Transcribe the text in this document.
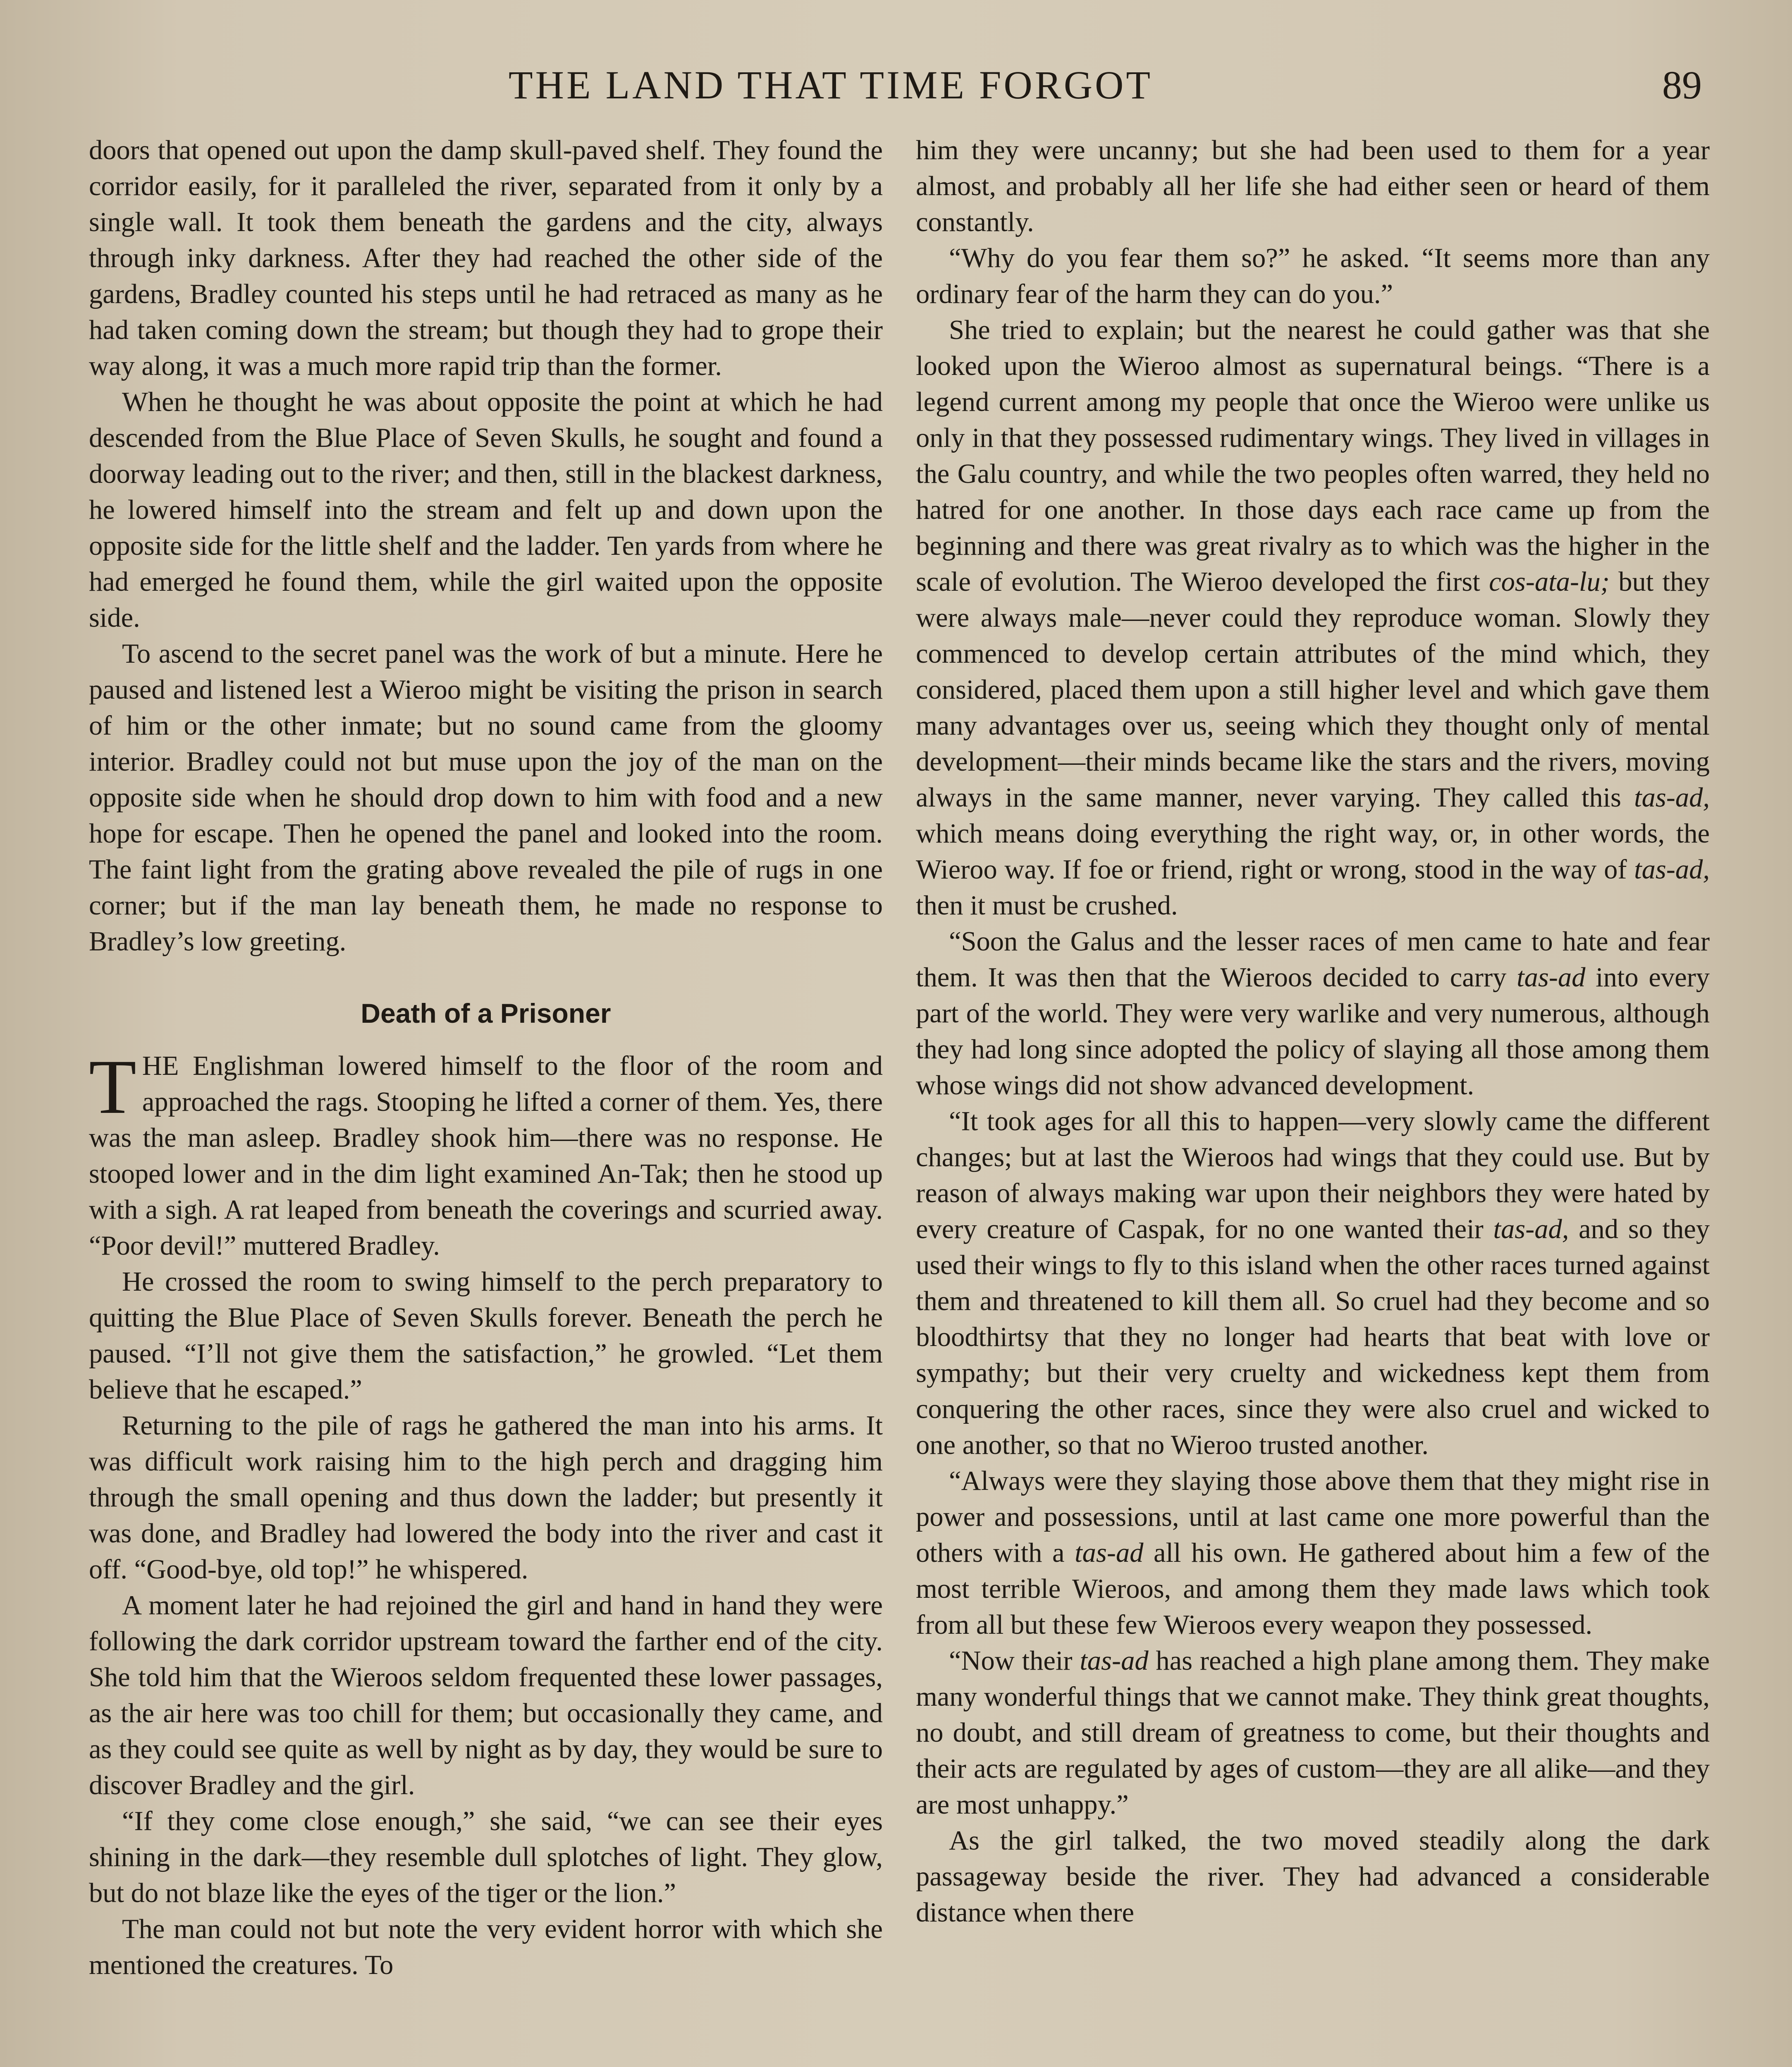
THE LAND THAT TIME FORGOT	89

doors that opened out upon the damp skull-paved shelf. They found the corridor easily, for it paralleled the river, separated from it only by a single wall. It took them beneath the gardens and the city, always through inky darkness. After they had reached the other side of the gardens, Bradley counted his steps until he had retraced as many as he had taken coming down the stream; but though they had to grope their way along, it was a much more rapid trip than the former.

When he thought he was about opposite the point at which he had descended from the Blue Place of Seven Skulls, he sought and found a doorway leading out to the river; and then, still in the blackest darkness, he lowered himself into the stream and felt up and down upon the opposite side for the little shelf and the ladder. Ten yards from where he had emerged he found them, while the girl waited upon the opposite side.

To ascend to the secret panel was the work of but a minute. Here he paused and listened lest a Wieroo might be visiting the prison in search of him or the other inmate; but no sound came from the gloomy interior. Bradley could not but muse upon the joy of the man on the opposite side when he should drop down to him with food and a new hope for escape. Then he opened the panel and looked into the room. The faint light from the grating above revealed the pile of rugs in one corner; but if the man lay beneath them, he made no response to Bradley’s low greeting.

Death of a Prisoner

THE Englishman lowered himself to the floor of the room and approached the rags. Stooping he lifted a corner of them. Yes, there was the man asleep. Bradley shook him—there was no response. He stooped lower and in the dim light examined An-Tak; then he stood up with a sigh. A rat leaped from beneath the coverings and scurried away. “Poor devil!” muttered Bradley.

He crossed the room to swing himself to the perch preparatory to quitting the Blue Place of Seven Skulls forever. Beneath the perch he paused. “I’ll not give them the satisfaction,” he growled. “Let them believe that he escaped.”

Returning to the pile of rags he gathered the man into his arms. It was difficult work raising him to the high perch and dragging him through the small opening and thus down the ladder; but presently it was done, and Bradley had lowered the body into the river and cast it off. “Good-bye, old top!” he whispered.

A moment later he had rejoined the girl and hand in hand they were following the dark corridor upstream toward the farther end of the city. She told him that the Wieroos seldom frequented these lower passages, as the air here was too chill for them; but occasionally they came, and as they could see quite as well by night as by day, they would be sure to discover Bradley and the girl.

“If they come close enough,” she said, “we can see their eyes shining in the dark—they resemble dull splotches of light. They glow, but do not blaze like the eyes of the tiger or the lion.”

The man could not but note the very evident horror with which she mentioned the creatures. To

him they were uncanny; but she had been used to them for a year almost, and probably all her life she had either seen or heard of them constantly.

“Why do you fear them so?” he asked. “It seems more than any ordinary fear of the harm they can do you.”

She tried to explain; but the nearest he could gather was that she looked upon the Wieroo almost as supernatural beings. “There is a legend current among my people that once the Wieroo were unlike us only in that they possessed rudimentary wings. They lived in villages in the Galu country, and while the two peoples often warred, they held no hatred for one another. In those days each race came up from the beginning and there was great rivalry as to which was the higher in the scale of evolution. The Wieroo developed the first cos-ata-lu; but they were always male—never could they reproduce woman. Slowly they commenced to develop certain attributes of the mind which, they considered, placed them upon a still higher level and which gave them many advantages over us, seeing which they thought only of mental development—their minds became like the stars and the rivers, moving always in the same manner, never varying. They called this tas-ad, which means doing everything the right way, or, in other words, the Wieroo way. If foe or friend, right or wrong, stood in the way of tas-ad, then it must be crushed.

“Soon the Galus and the lesser races of men came to hate and fear them. It was then that the Wieroos decided to carry tas-ad into every part of the world. They were very warlike and very numerous, although they had long since adopted the policy of slaying all those among them whose wings did not show advanced development.

“It took ages for all this to happen—very slowly came the different changes; but at last the Wieroos had wings that they could use. But by reason of always making war upon their neighbors they were hated by every creature of Caspak, for no one wanted their tas-ad, and so they used their wings to fly to this island when the other races turned against them and threatened to kill them all. So cruel had they become and so bloodthirtsy that they no longer had hearts that beat with love or sympathy; but their very cruelty and wickedness kept them from conquering the other races, since they were also cruel and wicked to one another, so that no Wieroo trusted another.

“Always were they slaying those above them that they might rise in power and possessions, until at last came one more powerful than the others with a tas-ad all his own. He gathered about him a few of the most terrible Wieroos, and among them they made laws which took from all but these few Wieroos every weapon they possessed.

“Now their tas-ad has reached a high plane among them. They make many wonderful things that we cannot make. They think great thoughts, no doubt, and still dream of greatness to come, but their thoughts and their acts are regulated by ages of custom—they are all alike—and they are most unhappy.”

As the girl talked, the two moved steadily along the dark passageway beside the river. They had advanced a considerable distance when there
